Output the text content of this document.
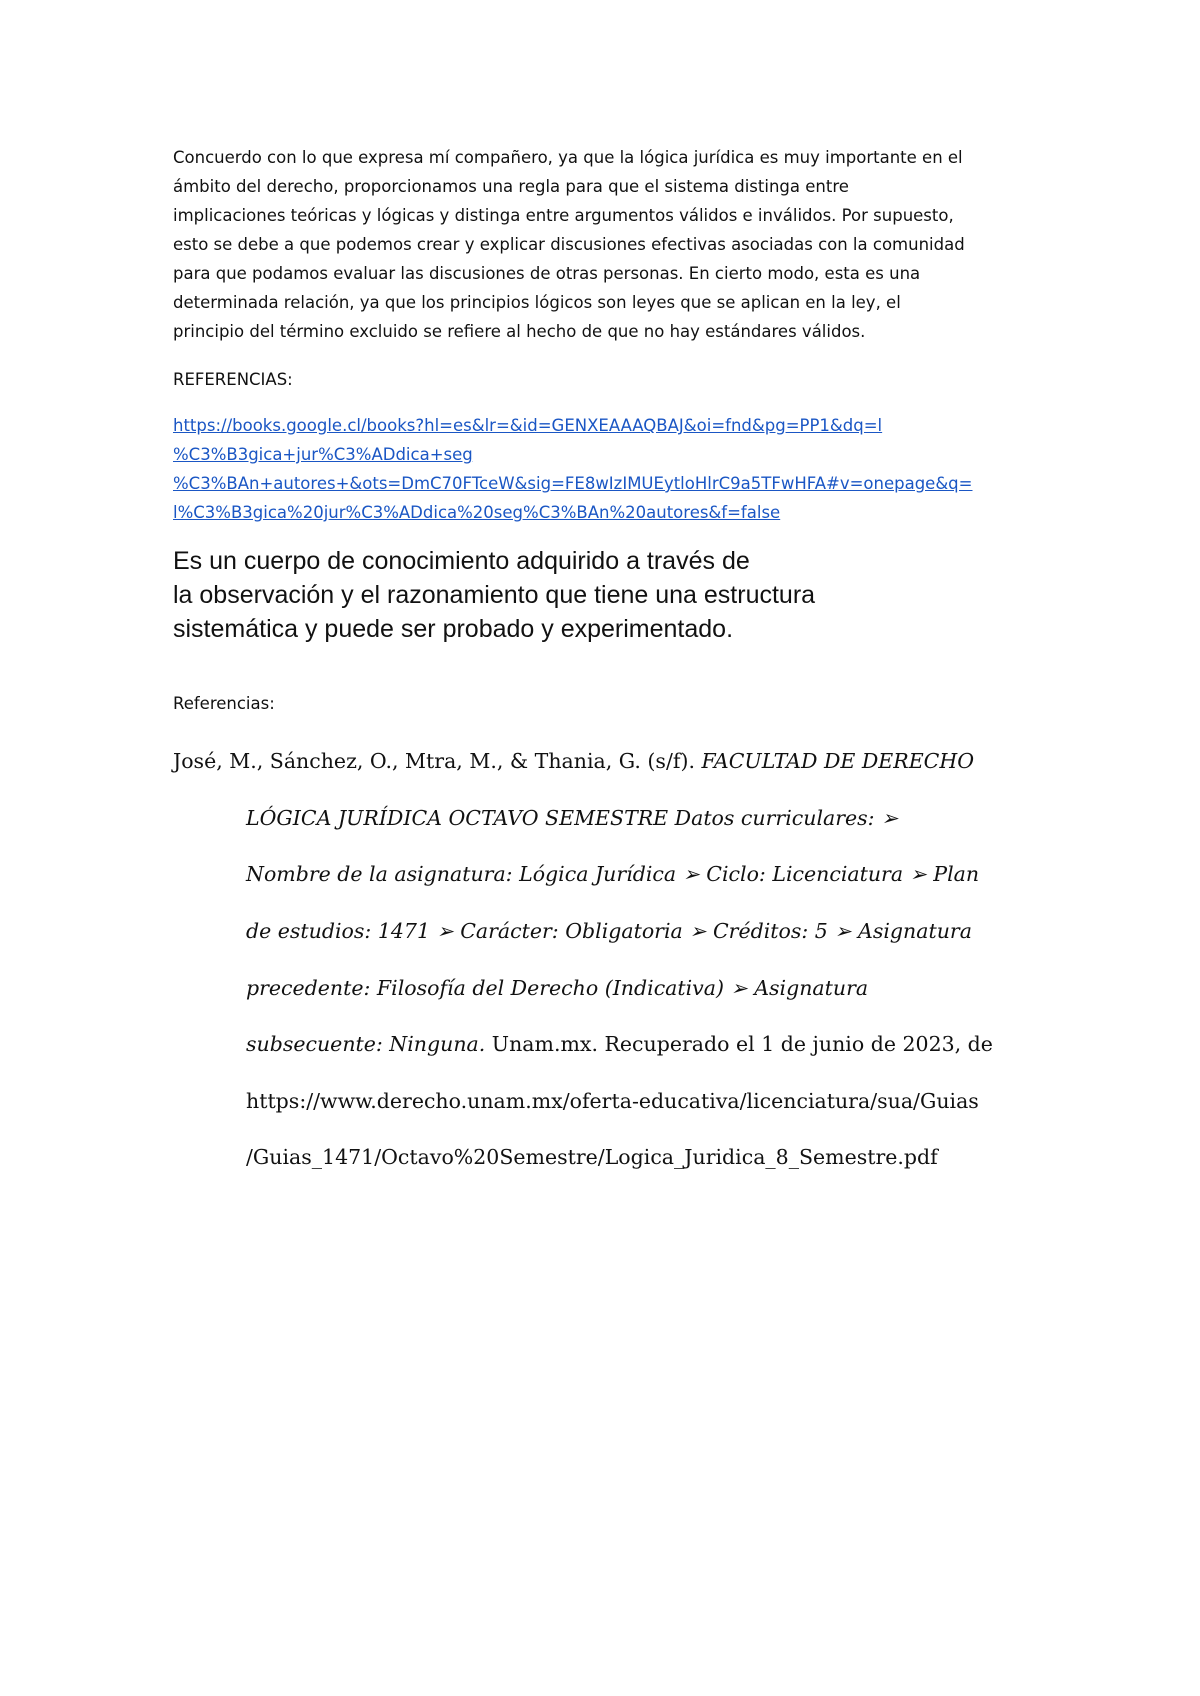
Concuerdo con lo que expresa mí compañero, ya que la lógica jurídica es muy importante en el
ámbito del derecho, proporcionamos una regla para que el sistema distinga entre
implicaciones teóricas y lógicas y distinga entre argumentos válidos e inválidos. Por supuesto,
esto se debe a que podemos crear y explicar discusiones efectivas asociadas con la comunidad
para que podamos evaluar las discusiones de otras personas. En cierto modo, esta es una
determinada relación, ya que los principios lógicos son leyes que se aplican en la ley, el
principio del término excluido se refiere al hecho de que no hay estándares válidos.
REFERENCIAS:
https://books.google.cl/books?hl=es&lr=&id=GENXEAAAQBAJ&oi=fnd&pg=PP1&dq=l
%C3%B3gica+jur%C3%ADdica+seg
%C3%BAn+autores+&ots=DmC70FTceW&sig=FE8wIzIMUEytloHlrC9a5TFwHFA#v=onepage&q=
l%C3%B3gica%20jur%C3%ADdica%20seg%C3%BAn%20autores&f=false
Es un cuerpo de conocimiento adquirido a través de
la observación y el razonamiento que tiene una estructura
sistemática y puede ser probado y experimentado.
Referencias:
José, M., Sánchez, O., Mtra, M., & Thania, G. (s/f). FACULTAD DE DERECHO
LÓGICA JURÍDICA OCTAVO SEMESTRE Datos curriculares: ➢
Nombre de la asignatura: Lógica Jurídica ➢ Ciclo: Licenciatura ➢ Plan
de estudios: 1471 ➢ Carácter: Obligatoria ➢ Créditos: 5 ➢ Asignatura
precedente: Filosofía del Derecho (Indicativa) ➢ Asignatura
subsecuente: Ninguna. Unam.mx. Recuperado el 1 de junio de 2023, de
https://www.derecho.unam.mx/oferta-educativa/licenciatura/sua/Guias
/Guias_1471/Octavo%20Semestre/Logica_Juridica_8_Semestre.pdf
